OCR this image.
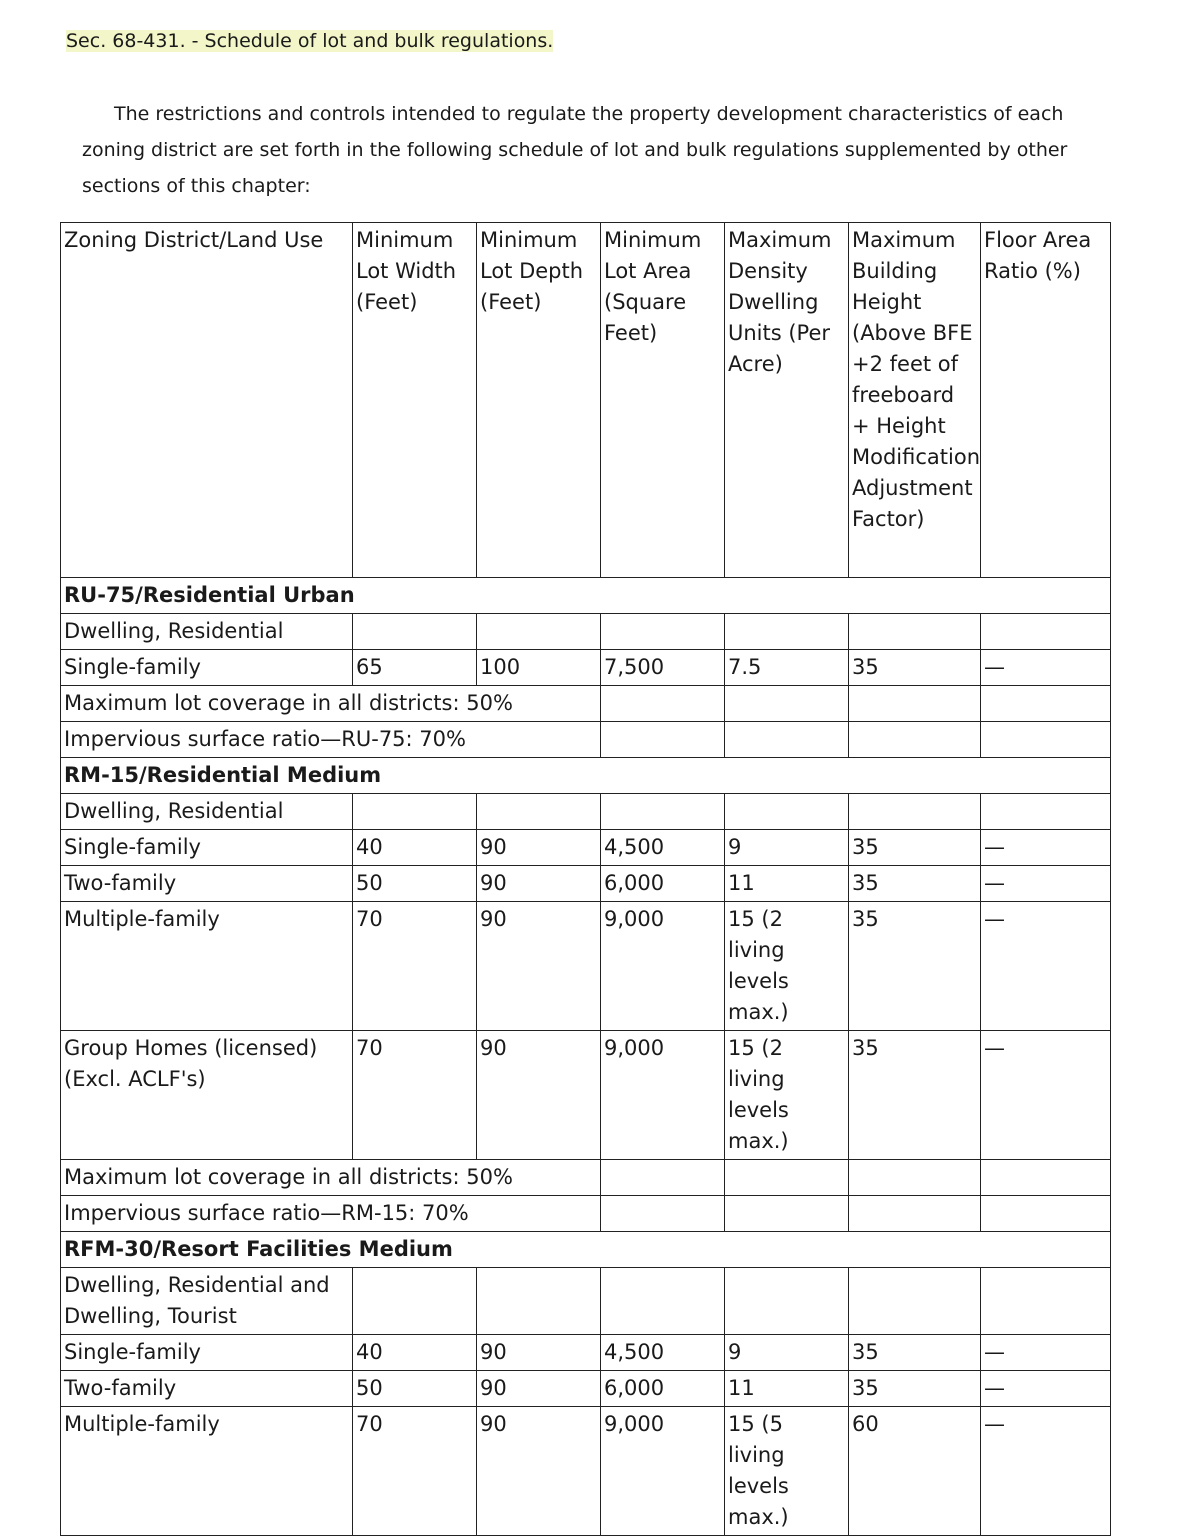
Sec. 68-431. - Schedule of lot and bulk regulations.
The restrictions and controls intended to regulate the property development characteristics of each zoning district are set forth in the following schedule of lot and bulk regulations supplemented by other sections of this chapter:
Zoning District/Land Use	Minimum Lot Width (Feet)	Minimum Lot Depth (Feet)	Minimum Lot Area (Square Feet)	Maximum Density Dwelling Units (Per Acre)	Maximum Building Height (Above BFE +2 feet of freeboard + Height Modification Adjustment Factor)	Floor Area Ratio (%)
RU-75/Residential Urban						
Dwelling, Residential						
Single-family	65	100	7,500	7.5	35	—
Maximum lot coverage in all districts: 50%						
Impervious surface ratio—RU-75: 70%						
RM-15/Residential Medium						
Dwelling, Residential						
Single-family	40	90	4,500	9	35	—
Two-family	50	90	6,000	11	35	—
Multiple-family	70	90	9,000	15 (2 living levels max.)	35	—
Group Homes (licensed) (Excl. ACLF's)	70	90	9,000	15 (2 living levels max.)	35	—
Maximum lot coverage in all districts: 50%						
Impervious surface ratio—RM-15: 70%						
RFM-30/Resort Facilities Medium						
Dwelling, Residential and Dwelling, Tourist						
Single-family	40	90	4,500	9	35	—
Two-family	50	90	6,000	11	35	—
Multiple-family	70	90	9,000	15 (5 living levels max.)	60	—
